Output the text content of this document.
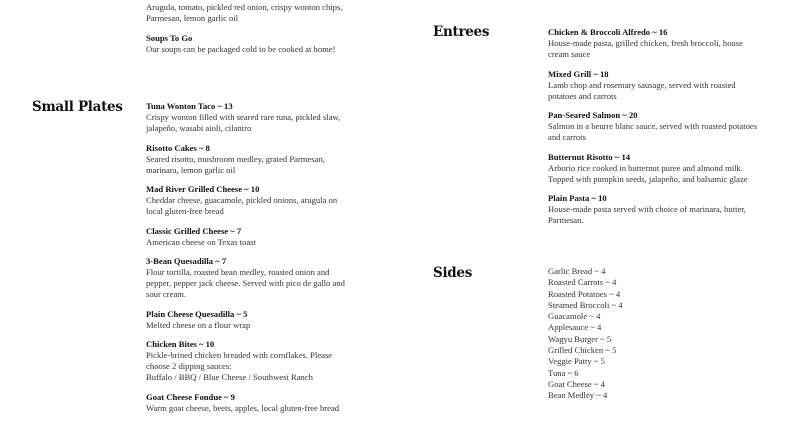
Arugula, tomato, pickled red onion, crispy wonton chips, Parmesan, lemon garlic oil
Soups To Go
Our soups can be packaged cold to be cooked at home!
Small Plates	Tuna Wonton Taco ~ 13
Crispy wonton filled with seared rare tuna, pickled slaw, jalapeño, wasabi aioli, cilantro
Risotto Cakes ~ 8
Seared risotto, mushroom medley, grated Parmesan, marinara, lemon garlic oil
Mad River Grilled Cheese ~ 10
Cheddar cheese, guacamole, pickled onions, arugula on local gluten-free bread
Classic Grilled Cheese ~ 7
American cheese on Texas toast
3-Bean Quesadilla ~ 7
Flour tortilla, roasted bean medley, roasted onion and pepper, pepper jack cheese. Served with pico de gallo and sour cream.
Plain Cheese Quesadilla ~ 5
Melted cheese on a flour wrap
Chicken Bites ~ 10
Pickle-brined chicken breaded with cornflakes. Please choose 2 dipping sauces:
Buffalo / BBQ / Blue Cheese / Southwest Ranch
Goat Cheese Fondue ~ 9
Warm goat cheese, beets, apples, local gluten-free bread
Entrees	Chicken & Broccoli Alfredo ~ 16
House-made pasta, grilled chicken, fresh broccoli, house cream sauce
Mixed Grill ~ 18
Lamb chop and rosemary sausage, served with roasted potatoes and carrots
Pan-Seared Salmon ~ 20
Salmon in a beurre blanc sauce, served with roasted potatoes and carrots
Butternut Risotto ~ 14
Arborio rice cooked in butternut puree and almond milk. Topped with pumpkin seeds, jalapeño, and balsamic glaze
Plain Pasta ~ 10
House-made pasta served with choice of marinara, butter, Parmesan.
Sides	Garlic Bread ~ 4
Roasted Carrots ~ 4
Roasted Potatoes ~ 4
Steamed Broccoli ~ 4
Guacamole ~ 4
Applesauce ~ 4
Wagyu Burger ~ 5
Grilled Chicken ~ 5
Veggie Patty ~ 5
Tuna ~ 6
Goat Cheese ~ 4
Bean Medley ~ 4
